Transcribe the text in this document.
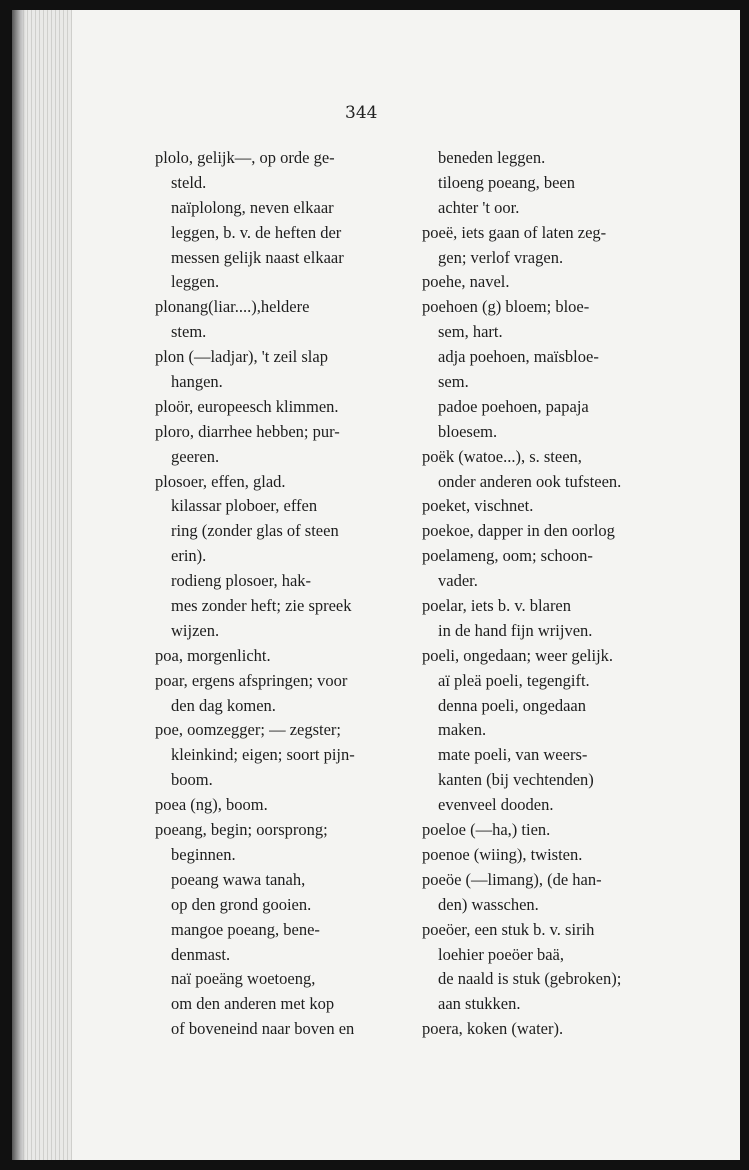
344
plolo, gelijk—, op orde ge-
steld.
naïplolong, neven elkaar
leggen, b. v. de heften der
messen gelijk naast elkaar
leggen.
plonang(liar....),heldere
stem.
plon (—ladjar), 't zeil slap
hangen.
ploör, europeesch klimmen.
ploro, diarrhee hebben; pur-
geeren.
plosoer, effen, glad.
kilassar ploboer, effen
ring (zonder glas of steen
erin).
rodieng plosoer, hak-
mes zonder heft; zie spreek
wijzen.
poa, morgenlicht.
poar, ergens afspringen; voor
den dag komen.
poe, oomzegger; — zegster;
kleinkind; eigen; soort pijn-
boom.
poea (ng), boom.
poeang, begin; oorsprong;
beginnen.
poeang wawa tanah,
op den grond gooien.
mangoe poeang, bene-
denmast.
naï poeäng woetoeng,
om den anderen met kop
of boveneind naar boven en
beneden leggen.
tiloeng poeang, been
achter 't oor.
poeë, iets gaan of laten zeg-
gen; verlof vragen.
poehe, navel.
poehoen (g) bloem; bloe-
sem, hart.
adja poehoen, maïsbloe-
sem.
padoe poehoen, papaja
bloesem.
poëk (watoe...), s. steen,
onder anderen ook tufsteen.
poeket, vischnet.
poekoe, dapper in den oorlog
poelameng, oom; schoon-
vader.
poelar, iets b. v. blaren
in de hand fijn wrijven.
poeli, ongedaan; weer gelijk.
aï pleä poeli, tegengift.
denna poeli, ongedaan
maken.
mate poeli, van weers-
kanten (bij vechtenden)
evenveel dooden.
poeloe (—ha,) tien.
poenoe (wiing), twisten.
poeöe (—limang), (de han-
den) wasschen.
poeöer, een stuk b. v. sirih
loehier poeöer baä,
de naald is stuk (gebroken);
aan stukken.
poera, koken (water).
